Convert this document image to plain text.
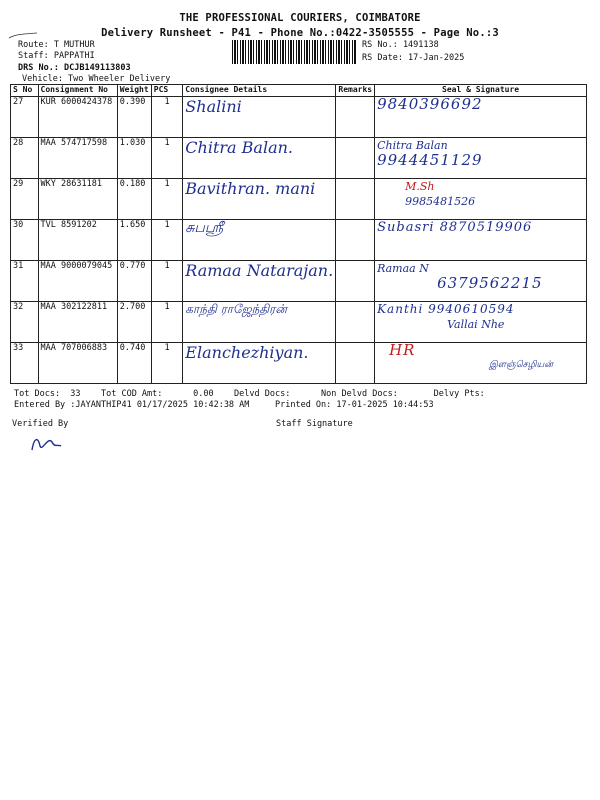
THE PROFESSIONAL COURIERS, COIMBATORE
Delivery Runsheet - P41 - Phone No.:0422-3505555 - Page No.:3
Route: T MUTHUR
Staff: PAPPATHI
DRS No.: DCJB149113803
Vehicle: Two Wheeler Delivery
RS No.: 1491138
RS Date: 17-Jan-2025
S No	Consignment No	Weight	PCS	Consignee Details	Remarks	Seal & Signature
27	KUR 6000424378	0.390	1	Shalini		9840396692

28	MAA 574717598	1.030	1	Chitra Balan.		Chitra Balan
9944451129

29	WKY 28631181	0.180	1	Bavithran. mani		M.Sh
9985481526

30	TVL 8591202	1.650	1	சுபஸ்ரீ		Subasri 8870519906

31	MAA 9000079045	0.770	1	Ramaa Natarajan.		Ramaa N
6379562215

32	MAA 302122811	2.700	1	காந்தி ராஜேந்திரன்		Kanthi 9940610594
Vallai Nhe

33	MAA 707006883	0.740	1	Elanchezhiyan.		HR
இளஞ்செழியன்
Tot Docs:  33    Tot COD Amt:      0.00    Delvd Docs:      Non Delvd Docs:       Delvy Pts:
Entered By :JAYANTHIP41 01/17/2025 10:42:38 AM     Printed On: 17-01-2025 10:44:53
Verified By	Staff Signature
